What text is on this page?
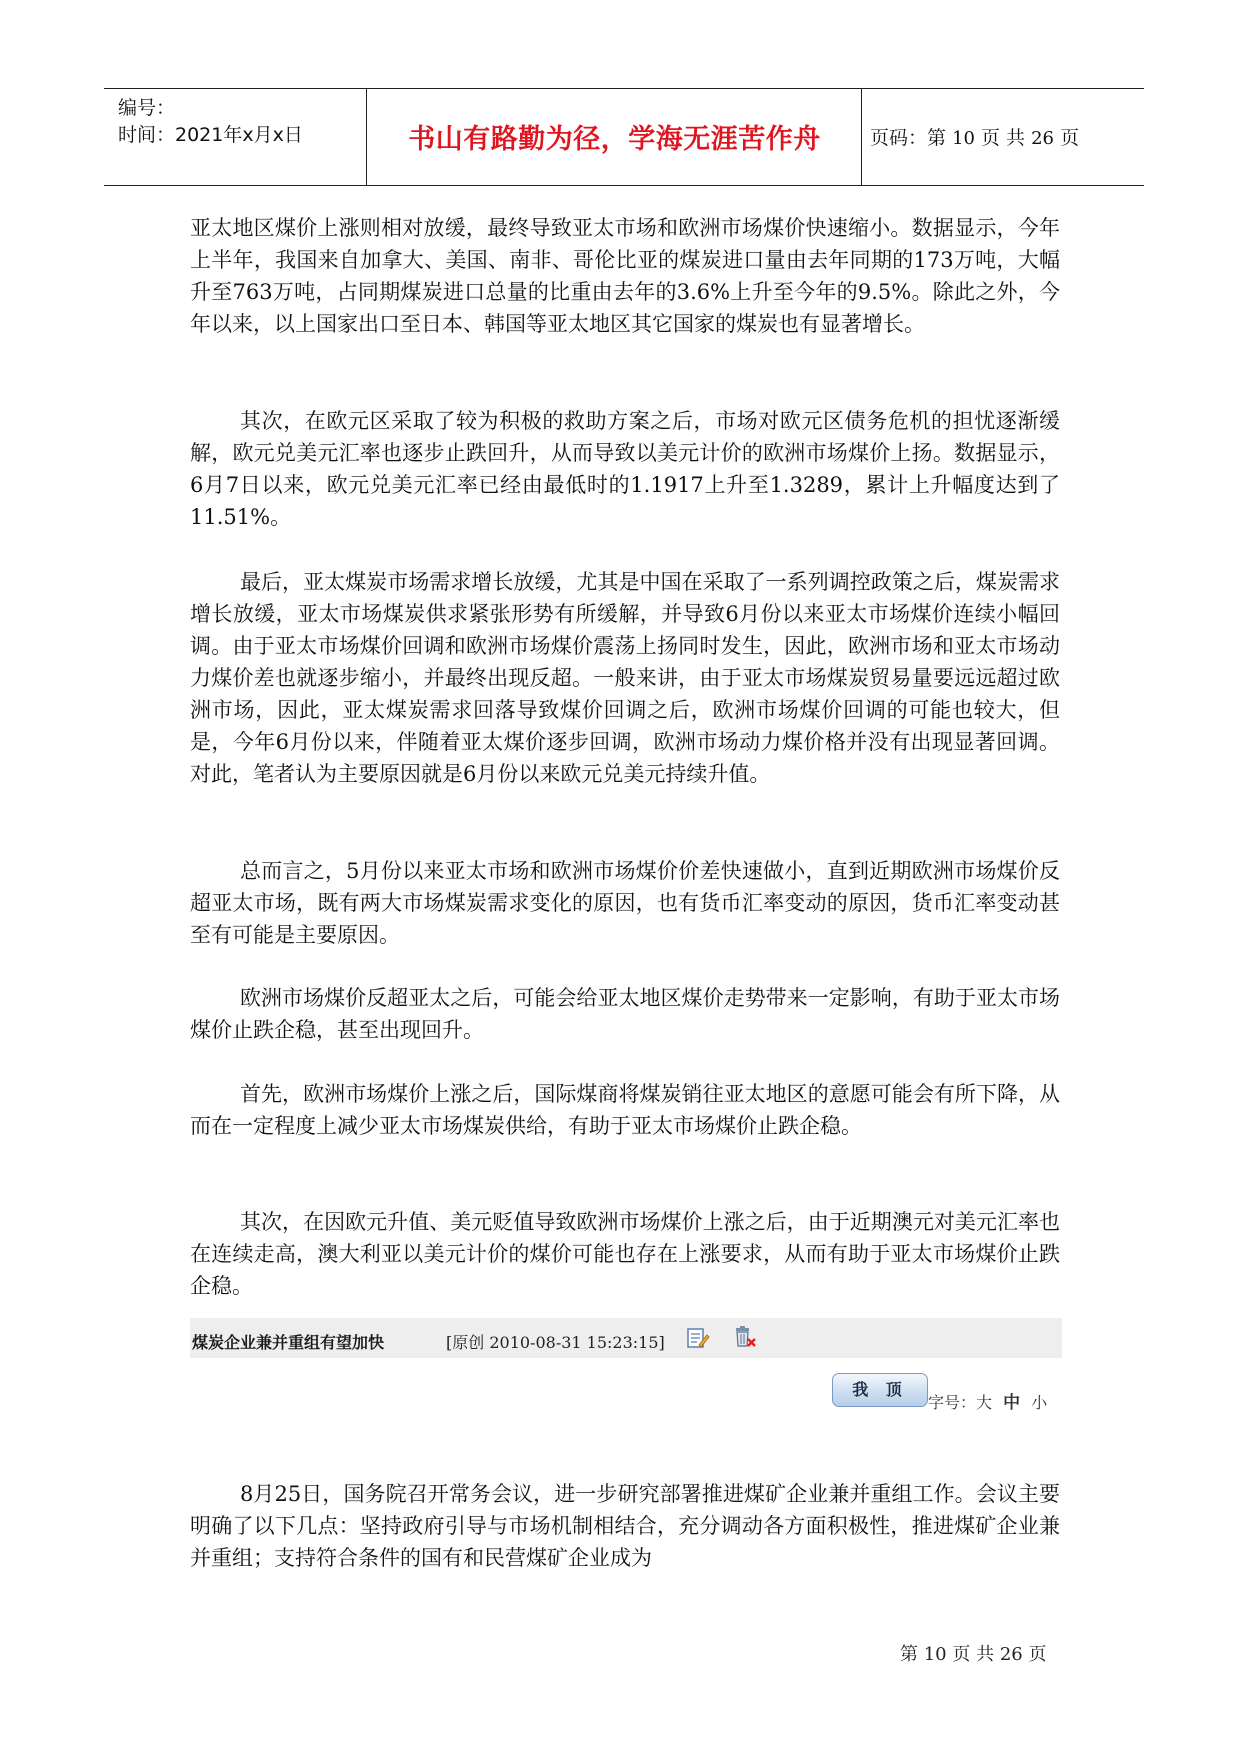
编号：
时间：2021年x月x日	书山有路勤为径，学海无涯苦作舟	页码：第 10 页 共 26 页

亚太地区煤价上涨则相对放缓，最终导致亚太市场和欧洲市场煤价快速缩小。数据显示，今年上半年，我国来自加拿大、美国、南非、哥伦比亚的煤炭进口量由去年同期的173万吨，大幅升至763万吨，占同期煤炭进口总量的比重由去年的3.6%上升至今年的9.5%。除此之外，今年以来，以上国家出口至日本、韩国等亚太地区其它国家的煤炭也有显著增长。

其次，在欧元区采取了较为积极的救助方案之后，市场对欧元区债务危机的担忧逐渐缓解，欧元兑美元汇率也逐步止跌回升，从而导致以美元计价的欧洲市场煤价上扬。数据显示，6月7日以来，欧元兑美元汇率已经由最低时的1.1917上升至1.3289，累计上升幅度达到了11.51%。

最后，亚太煤炭市场需求增长放缓，尤其是中国在采取了一系列调控政策之后，煤炭需求增长放缓，亚太市场煤炭供求紧张形势有所缓解，并导致6月份以来亚太市场煤价连续小幅回调。由于亚太市场煤价回调和欧洲市场煤价震荡上扬同时发生，因此，欧洲市场和亚太市场动力煤价差也就逐步缩小，并最终出现反超。一般来讲，由于亚太市场煤炭贸易量要远远超过欧洲市场，因此，亚太煤炭需求回落导致煤价回调之后，欧洲市场煤价回调的可能也较大，但是，今年6月份以来，伴随着亚太煤价逐步回调，欧洲市场动力煤价格并没有出现显著回调。对此，笔者认为主要原因就是6月份以来欧元兑美元持续升值。

总而言之，5月份以来亚太市场和欧洲市场煤价价差快速做小，直到近期欧洲市场煤价反超亚太市场，既有两大市场煤炭需求变化的原因，也有货币汇率变动的原因，货币汇率变动甚至有可能是主要原因。

欧洲市场煤价反超亚太之后，可能会给亚太地区煤价走势带来一定影响，有助于亚太市场煤价止跌企稳，甚至出现回升。

首先，欧洲市场煤价上涨之后，国际煤商将煤炭销往亚太地区的意愿可能会有所下降，从而在一定程度上减少亚太市场煤炭供给，有助于亚太市场煤价止跌企稳。

其次，在因欧元升值、美元贬值导致欧洲市场煤价上涨之后，由于近期澳元对美元汇率也在连续走高，澳大利亚以美元计价的煤价可能也存在上涨要求，从而有助于亚太市场煤价止跌企稳。

煤炭企业兼并重组有望加快	[原创 2010-08-31 15:23:15]
我 顶
字号：大 中 小

8月25日，国务院召开常务会议，进一步研究部署推进煤矿企业兼并重组工作。会议主要明确了以下几点：坚持政府引导与市场机制相结合，充分调动各方面积极性，推进煤矿企业兼并重组；支持符合条件的国有和民营煤矿企业成为

第 10 页 共 26 页
